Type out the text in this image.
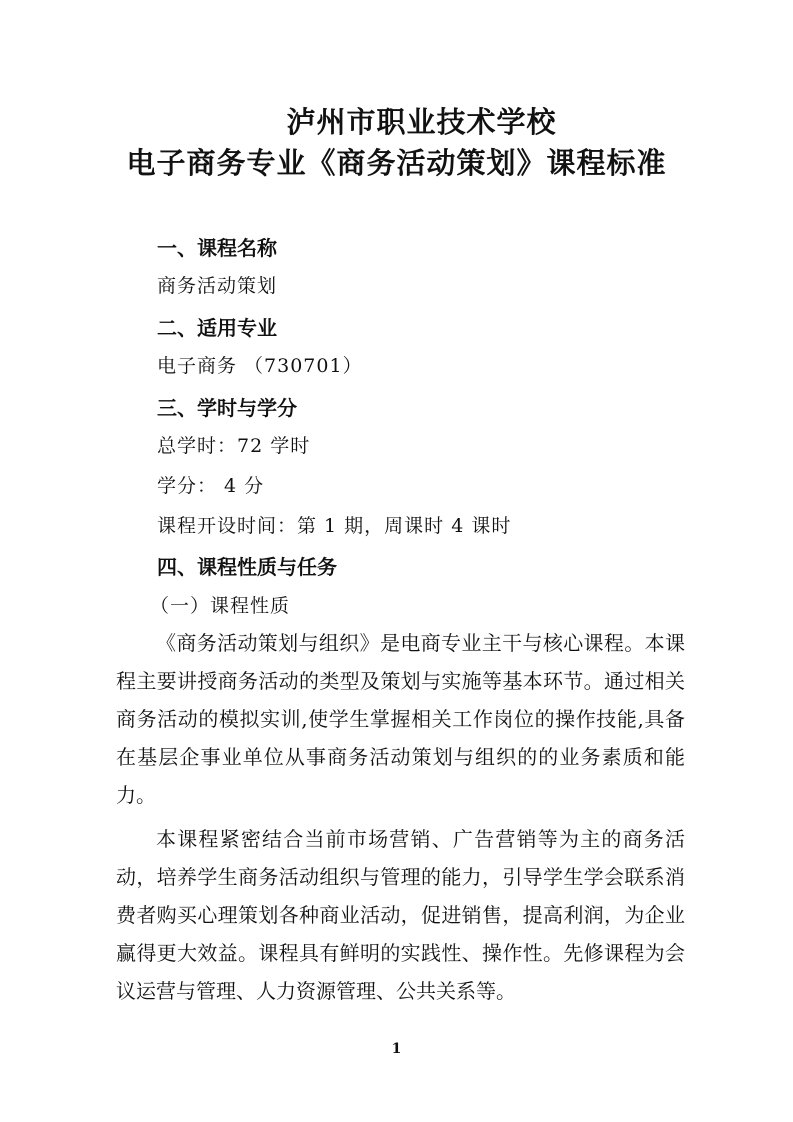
泸州市职业技术学校
电子商务专业《商务活动策划》课程标准
一、课程名称
商务活动策划
二、适用专业
电子商务 （730701）
三、学时与学分
总学时：72 学时
学分： 4 分
课程开设时间：第 1 期，周课时 4 课时
四、课程性质与任务
（一）课程性质

《商务活动策划与组织》是电商专业主干与核心课程。本课程主要讲授商务活动的类型及策划与实施等基本环节。通过相关商务活动的模拟实训,使学生掌握相关工作岗位的操作技能,具备在基层企事业单位从事商务活动策划与组织的的业务素质和能力。

本课程紧密结合当前市场营销、广告营销等为主的商务活动，培养学生商务活动组织与管理的能力，引导学生学会联系消费者购买心理策划各种商业活动，促进销售，提高利润，为企业赢得更大效益。课程具有鲜明的实践性、操作性。先修课程为会议运营与管理、人力资源管理、公共关系等。

1
